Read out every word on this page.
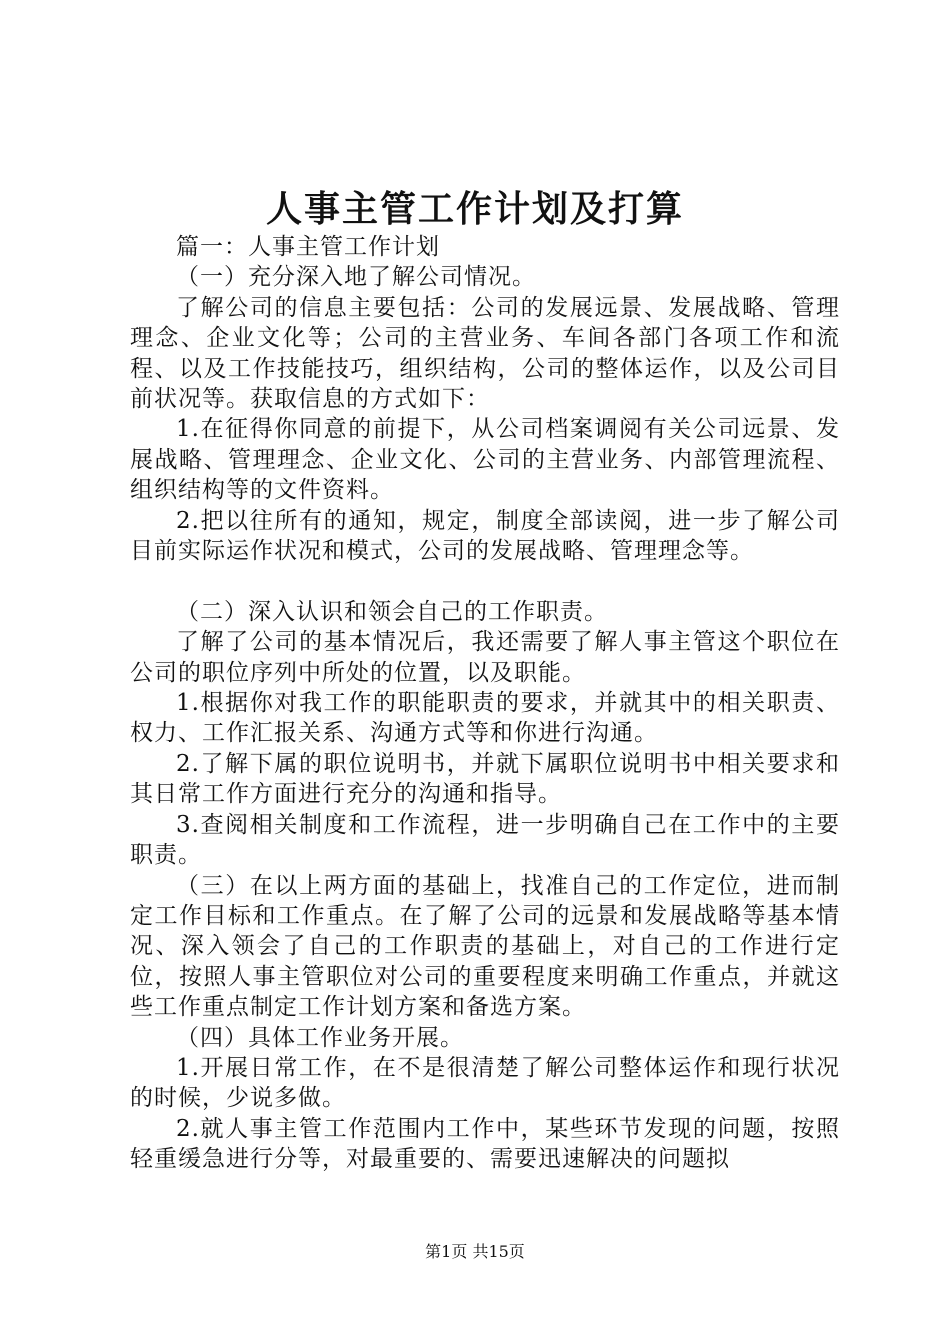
人事主管工作计划及打算

篇一：人事主管工作计划

（一）充分深入地了解公司情况。

了解公司的信息主要包括：公司的发展远景、发展战略、管理理念、企业文化等；公司的主营业务、车间各部门各项工作和流程、以及工作技能技巧，组织结构，公司的整体运作，以及公司目前状况等。获取信息的方式如下：

1.在征得你同意的前提下，从公司档案调阅有关公司远景、发展战略、管理理念、企业文化、公司的主营业务、内部管理流程、组织结构等的文件资料。

2.把以往所有的通知，规定，制度全部读阅，进一步了解公司目前实际运作状况和模式，公司的发展战略、管理理念等。

（二）深入认识和领会自己的工作职责。

了解了公司的基本情况后，我还需要了解人事主管这个职位在公司的职位序列中所处的位置，以及职能。

1.根据你对我工作的职能职责的要求，并就其中的相关职责、权力、工作汇报关系、沟通方式等和你进行沟通。

2.了解下属的职位说明书，并就下属职位说明书中相关要求和其日常工作方面进行充分的沟通和指导。

3.查阅相关制度和工作流程，进一步明确自己在工作中的主要职责。

（三）在以上两方面的基础上，找准自己的工作定位，进而制定工作目标和工作重点。在了解了公司的远景和发展战略等基本情况、深入领会了自己的工作职责的基础上，对自己的工作进行定位，按照人事主管职位对公司的重要程度来明确工作重点，并就这些工作重点制定工作计划方案和备选方案。

（四）具体工作业务开展。

1.开展日常工作，在不是很清楚了解公司整体运作和现行状况的时候，少说多做。

2.就人事主管工作范围内工作中，某些环节发现的问题，按照轻重缓急进行分等，对最重要的、需要迅速解决的问题拟

第1页 共15页
